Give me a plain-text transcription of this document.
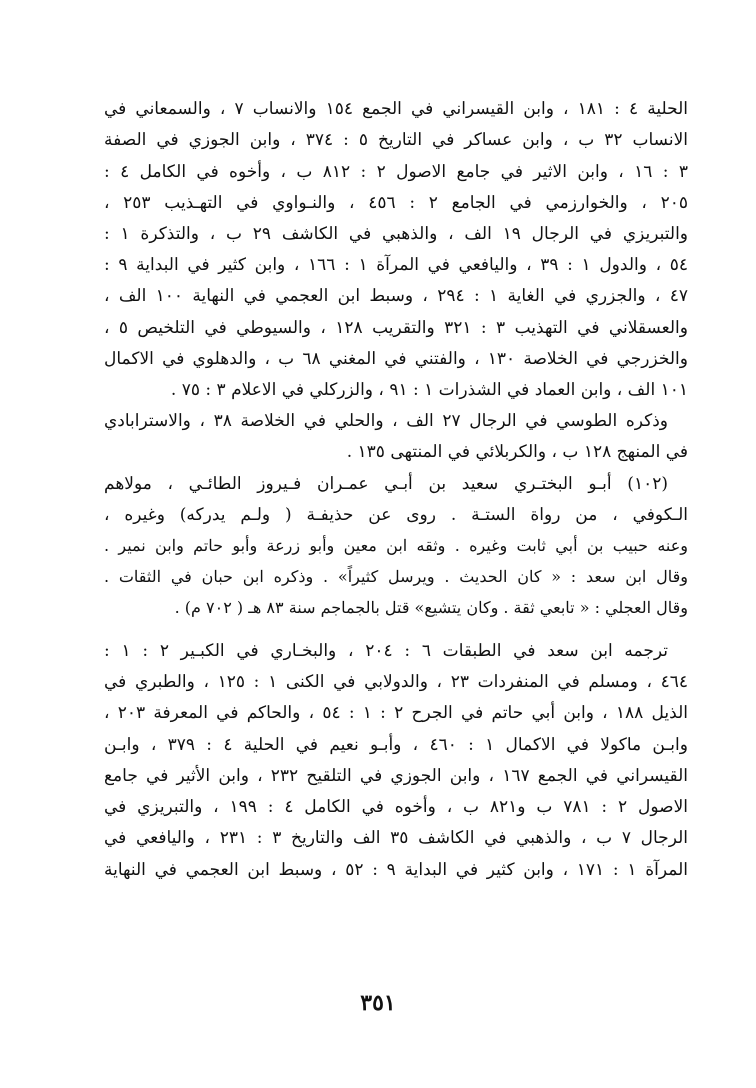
الحلية ٤ : ١٨١ ، وابن القيسراني في الجمع ١٥٤ والانساب ٧ ، والسمعاني في
الانساب ٣٢ ب ، وابن عساكر في التاريخ ٥ : ٣٧٤ ، وابن الجوزي في الصفة
٣ : ١٦ ، وابن الاثير في جامع الاصول ٢ : ٨١٢ ب ، وأخوه في الكامل ٤ :
٢٠٥ ، والخوارزمي في الجامع ٢ : ٤٥٦ ، والنـواوي في التهـذيب ٢٥٣ ،
والتبريزي في الرجال ١٩ الف ، والذهبي في الكاشف ٢٩ ب ، والتذكرة ١ :
٥٤ ، والدول ١ : ٣٩ ، واليافعي في المرآة ١ : ١٦٦ ، وابن كثير في البداية ٩ :
٤٧ ، والجزري في الغاية ١ : ٢٩٤ ، وسبط ابن العجمي في النهاية ١٠٠ الف ،
والعسقلاني في التهذيب ٣ : ٣٢١ والتقريب ١٢٨ ، والسيوطي في التلخيص ٥ ،
والخزرجي في الخلاصة ١٣٠ ، والفتني في المغني ٦٨ ب ، والدهلوي في الاكمال
١٠١ الف ، وابن العماد في الشذرات ١ : ٩١ ، والزركلي في الاعلام ٣ : ٧٥ .
وذكره الطوسي في الرجال ٢٧ الف ، والحلي في الخلاصة ٣٨ ، والاسترابادي
في المنهج ١٢٨ ب ، والكربلائي في المنتهى ١٣٥ .
(١٠٢) أبـو البختـري سعيد بن أبـي عمـران فـيروز الطائـي ، مولاهم
الـكوفي ، من رواة الستـة . روى عن حذيفـة ( ولـم يدركه) وغيره ،
وعنه حبيب بن أبي ثابت وغيره . وثقه ابن معين وأبو زرعة وأبو حاتم وابن نمير .
وقال ابن سعد : « كان الحديث . ويرسل كثيراً» . وذكره ابن حبان في الثقات .
وقال العجلي : « تابعي ثقة . وكان يتشيع» قتل بالجماجم سنة ٨٣ هـ ( ٧٠٢ م) .
ترجمه ابن سعد في الطبقات ٦ : ٢٠٤ ، والبخـاري في الكبـير ٢ : ١ :
٤٦٤ ، ومسلم في المنفردات ٢٣ ، والدولابي في الكنى ١ : ١٢٥ ، والطبري في
الذيل ١٨٨ ، وابن أبي حاتم في الجرح ٢ : ١ : ٥٤ ، والحاكم في المعرفة ٢٠٣ ،
وابـن ماكولا في الاكمال ١ : ٤٦٠ ، وأبـو نعيم في الحلية ٤ : ٣٧٩ ، وابـن
القيسراني في الجمع ١٦٧ ، وابن الجوزي في التلقيح ٢٣٢ ، وابن الأثير في جامع
الاصول ٢ : ٧٨١ ب و٨٢١ ب ، وأخوه في الكامل ٤ : ١٩٩ ، والتبريزي في
الرجال ٧ ب ، والذهبي في الكاشف ٣٥ الف والتاريخ ٣ : ٢٣١ ، واليافعي في
المرآة ١ : ١٧١ ، وابن كثير في البداية ٩ : ٥٢ ، وسبط ابن العجمي في النهاية
٣٥١
